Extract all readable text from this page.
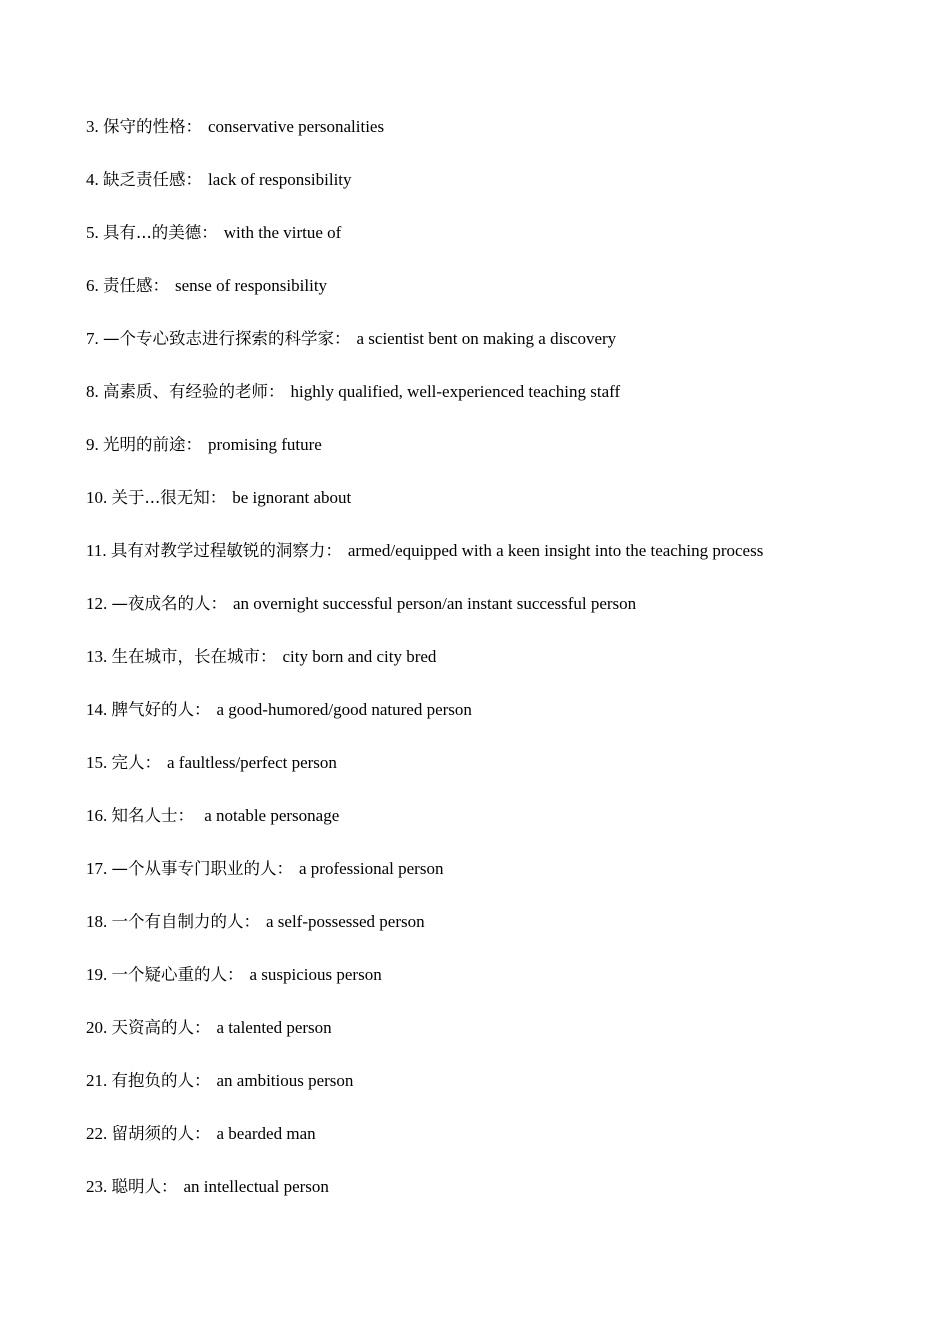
3. 保守的性格： conservative personalities
4. 缺乏责任感： lack of responsibility
5. 具有...的美德： with the virtue of
6. 责任感： sense of responsibility
7. —个专心致志进行探索的科学家： a scientist bent on making a discovery
8. 高素质、有经验的老师： highly qualified, well-experienced teaching staff
9. 光明的前途： promising future
10. 关于...很无知： be ignorant about
11. 具有对教学过程敏锐的洞察力： armed/equipped with a keen insight into the teaching process
12. —夜成名的人： an overnight successful person/an instant successful person
13. 生在城市，长在城市： city born and city bred
14. 脾气好的人： a good-humored/good natured person
15. 完人： a faultless/perfect person
16. 知名人士： a notable personage
17. —个从事专门职业的人： a professional person
18. 一个有自制力的人： a self-possessed person
19. 一个疑心重的人： a suspicious person
20. 天资高的人： a talented person
21. 有抱负的人： an ambitious person
22. 留胡须的人： a bearded man
23. 聪明人： an intellectual person
